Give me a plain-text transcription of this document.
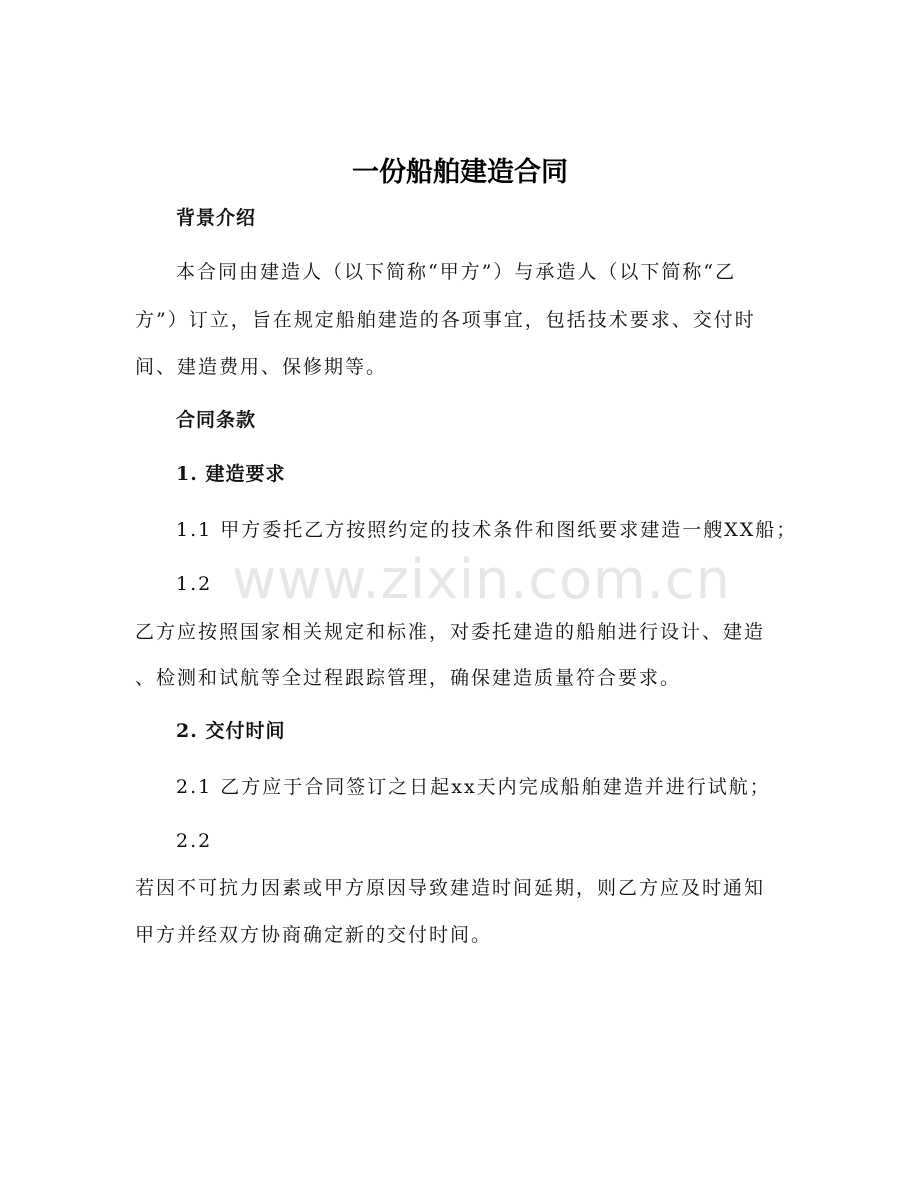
www.zixin.com.cn
一份船舶建造合同
背景介绍
本合同由建造人（以下简称“甲方”）与承造人（以下简称“乙
方”）订立，旨在规定船舶建造的各项事宜，包括技术要求、交付时
间、建造费用、保修期等。
合同条款
1. 建造要求
1.1 甲方委托乙方按照约定的技术条件和图纸要求建造一艘XX船；
1.2
乙方应按照国家相关规定和标准，对委托建造的船舶进行设计、建造
、检测和试航等全过程跟踪管理，确保建造质量符合要求。
2. 交付时间
2.1 乙方应于合同签订之日起xx天内完成船舶建造并进行试航；
2.2
若因不可抗力因素或甲方原因导致建造时间延期，则乙方应及时通知
甲方并经双方协商确定新的交付时间。
